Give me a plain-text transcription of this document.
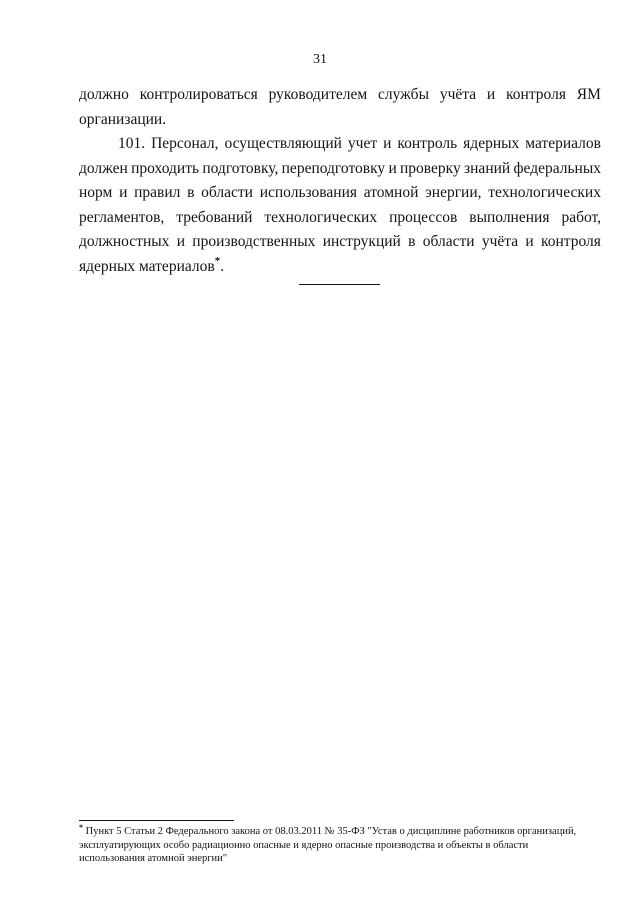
31
должно контролироваться руководителем службы учёта и контроля ЯМ
организации.
101. Персонал, осуществляющий учет и контроль ядерных материалов
должен проходить подготовку, переподготовку и проверку знаний федеральных
норм и правил в области использования атомной энергии, технологических
регламентов, требований технологических процессов выполнения работ,
должностных и производственных инструкций в области учёта и контроля
ядерных материалов*.
* Пункт 5 Статьи 2 Федерального закона от 08.03.2011 № 35-ФЗ "Устав о дисциплине работников организаций,
эксплуатирующих особо радиационно опасные и ядерно опасные производства и объекты в области
использования атомной энергии"
